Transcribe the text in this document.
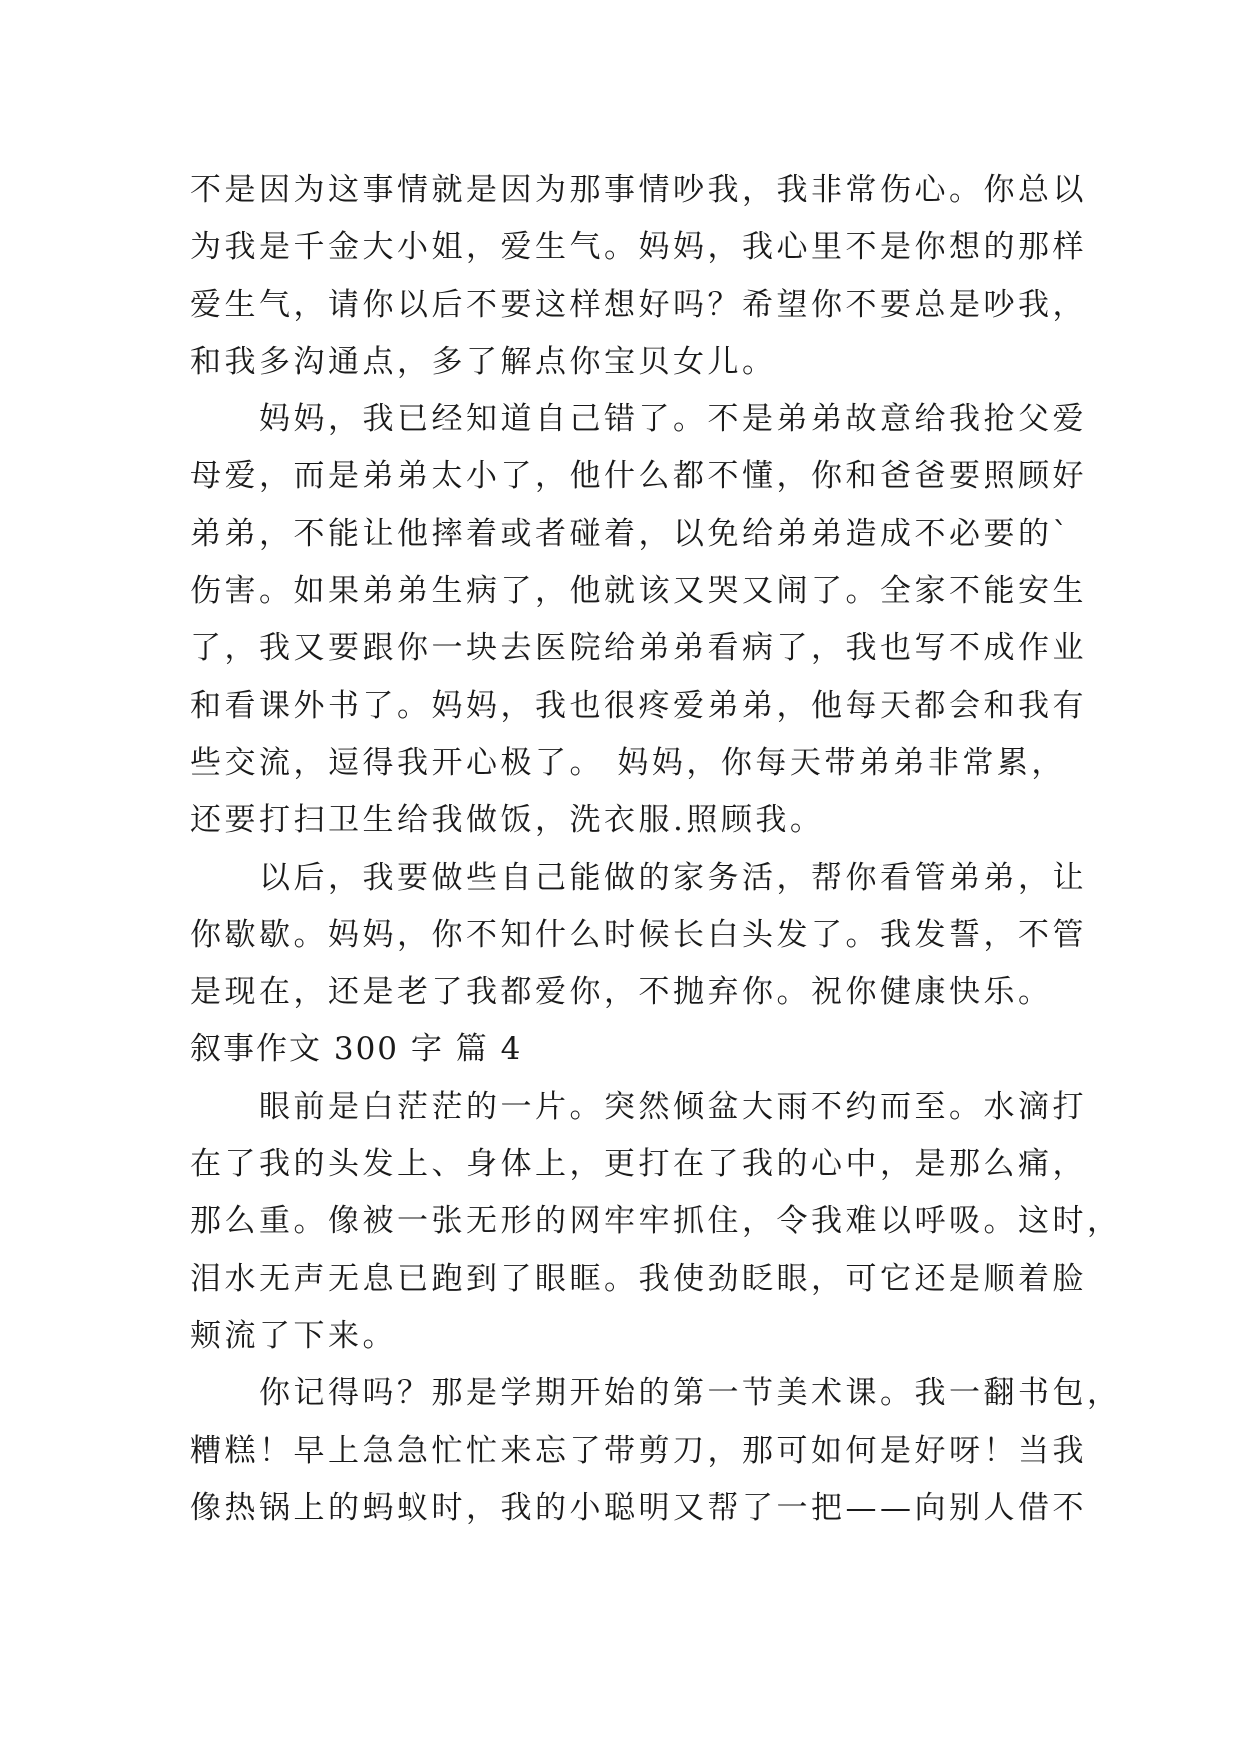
不是因为这事情就是因为那事情吵我，我非常伤心。你总以
为我是千金大小姐，爱生气。妈妈，我心里不是你想的那样
爱生气，请你以后不要这样想好吗？希望你不要总是吵我，
和我多沟通点，多了解点你宝贝女儿。
　　妈妈，我已经知道自己错了。不是弟弟故意给我抢父爱
母爱，而是弟弟太小了，他什么都不懂，你和爸爸要照顾好
弟弟，不能让他摔着或者碰着，以免给弟弟造成不必要的`
伤害。如果弟弟生病了，他就该又哭又闹了。全家不能安生
了，我又要跟你一块去医院给弟弟看病了，我也写不成作业
和看课外书了。妈妈，我也很疼爱弟弟，他每天都会和我有
些交流，逗得我开心极了。 妈妈，你每天带弟弟非常累，
还要打扫卫生给我做饭，洗衣服.照顾我。
　　以后，我要做些自己能做的家务活，帮你看管弟弟，让
你歇歇。妈妈，你不知什么时候长白头发了。我发誓，不管
是现在，还是老了我都爱你，不抛弃你。祝你健康快乐。
叙事作文 300 字 篇 4
　　眼前是白茫茫的一片。突然倾盆大雨不约而至。水滴打
在了我的头发上、身体上，更打在了我的心中，是那么痛，
那么重。像被一张无形的网牢牢抓住，令我难以呼吸。这时，
泪水无声无息已跑到了眼眶。我使劲眨眼，可它还是顺着脸
颊流了下来。
　　你记得吗？那是学期开始的第一节美术课。我一翻书包，
糟糕！早上急急忙忙来忘了带剪刀，那可如何是好呀！当我
像热锅上的蚂蚁时，我的小聪明又帮了一把——向别人借不
